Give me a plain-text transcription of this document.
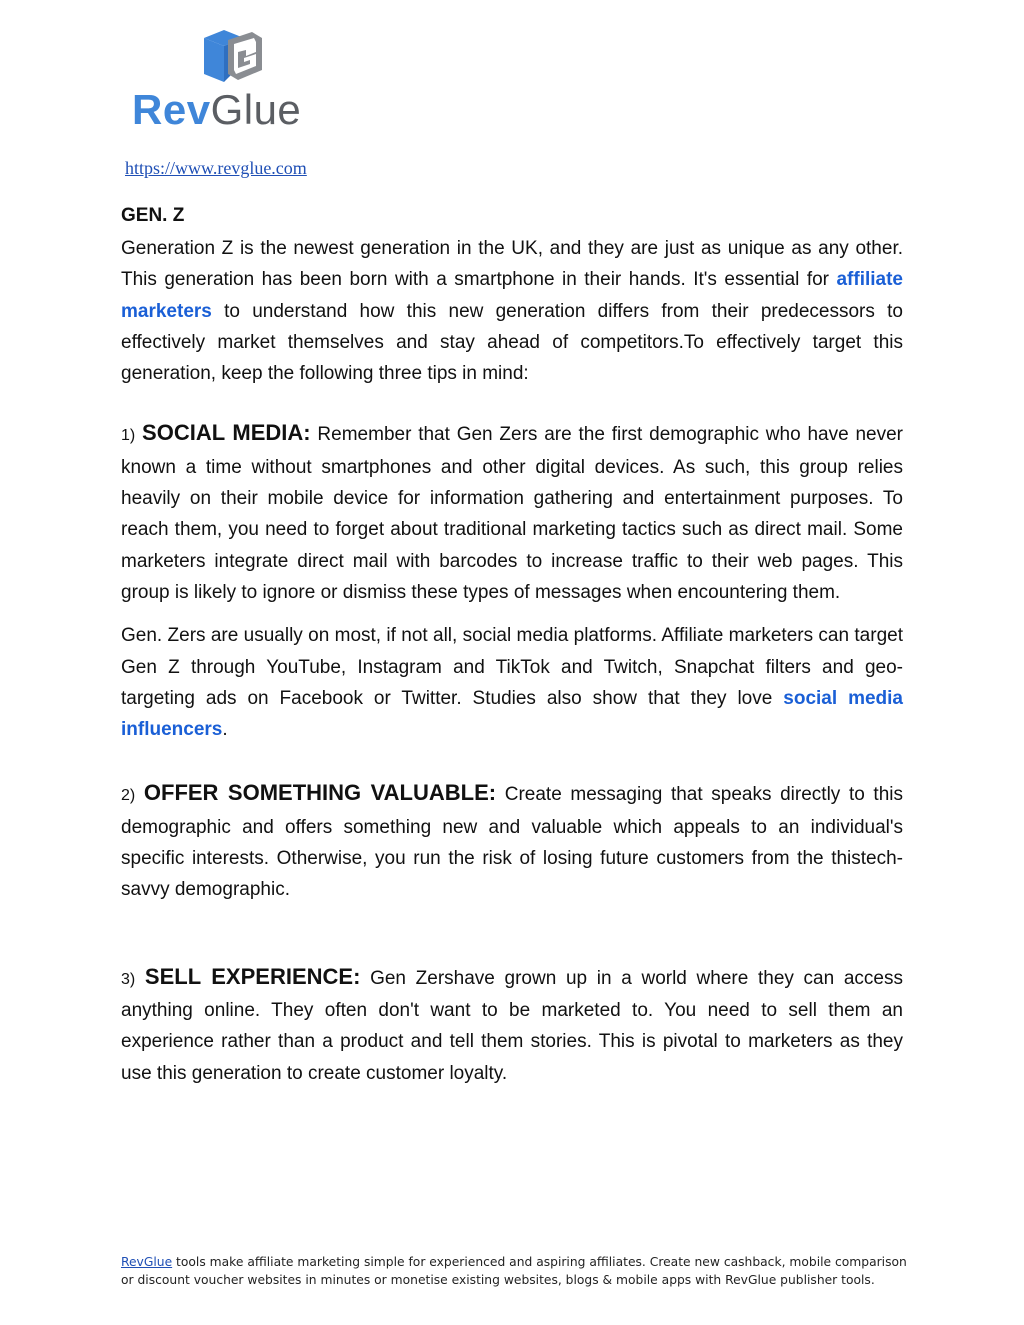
RevGlue
https://www.revglue.com
GEN. Z

Generation Z is the newest generation in the UK, and they are just as unique as any other. This generation has been born with a smartphone in their hands. It's essential for affiliate marketers to understand how this new generation differs from their predecessors to effectively market themselves and stay ahead of competitors.To effectively target this generation, keep the following three tips in mind:

1) SOCIAL MEDIA: Remember that Gen Zers are the first demographic who have never known a time without smartphones and other digital devices. As such, this group relies heavily on their mobile device for information gathering and entertainment purposes. To reach them, you need to forget about traditional marketing tactics such as direct mail. Some marketers integrate direct mail with barcodes to increase traffic to their web pages. This group is likely to ignore or dismiss these types of messages when encountering them.

Gen. Zers are usually on most, if not all, social media platforms. Affiliate marketers can target Gen Z through YouTube, Instagram and TikTok and Twitch, Snapchat filters and geo-targeting ads on Facebook or Twitter. Studies also show that they love social media influencers.

2) OFFER SOMETHING VALUABLE: Create messaging that speaks directly to this demographic and offers something new and valuable which appeals to an individual's specific interests. Otherwise, you run the risk of losing future customers from the thistech-savvy demographic.

3) SELL EXPERIENCE: Gen Zershave grown up in a world where they can access anything online. They often don't want to be marketed to. You need to sell them an experience rather than a product and tell them stories. This is pivotal to marketers as they use this generation to create customer loyalty.

RevGlue tools make affiliate marketing simple for experienced and aspiring affiliates. Create new cashback, mobile comparison or discount voucher websites in minutes or monetise existing websites, blogs & mobile apps with RevGlue publisher tools.
